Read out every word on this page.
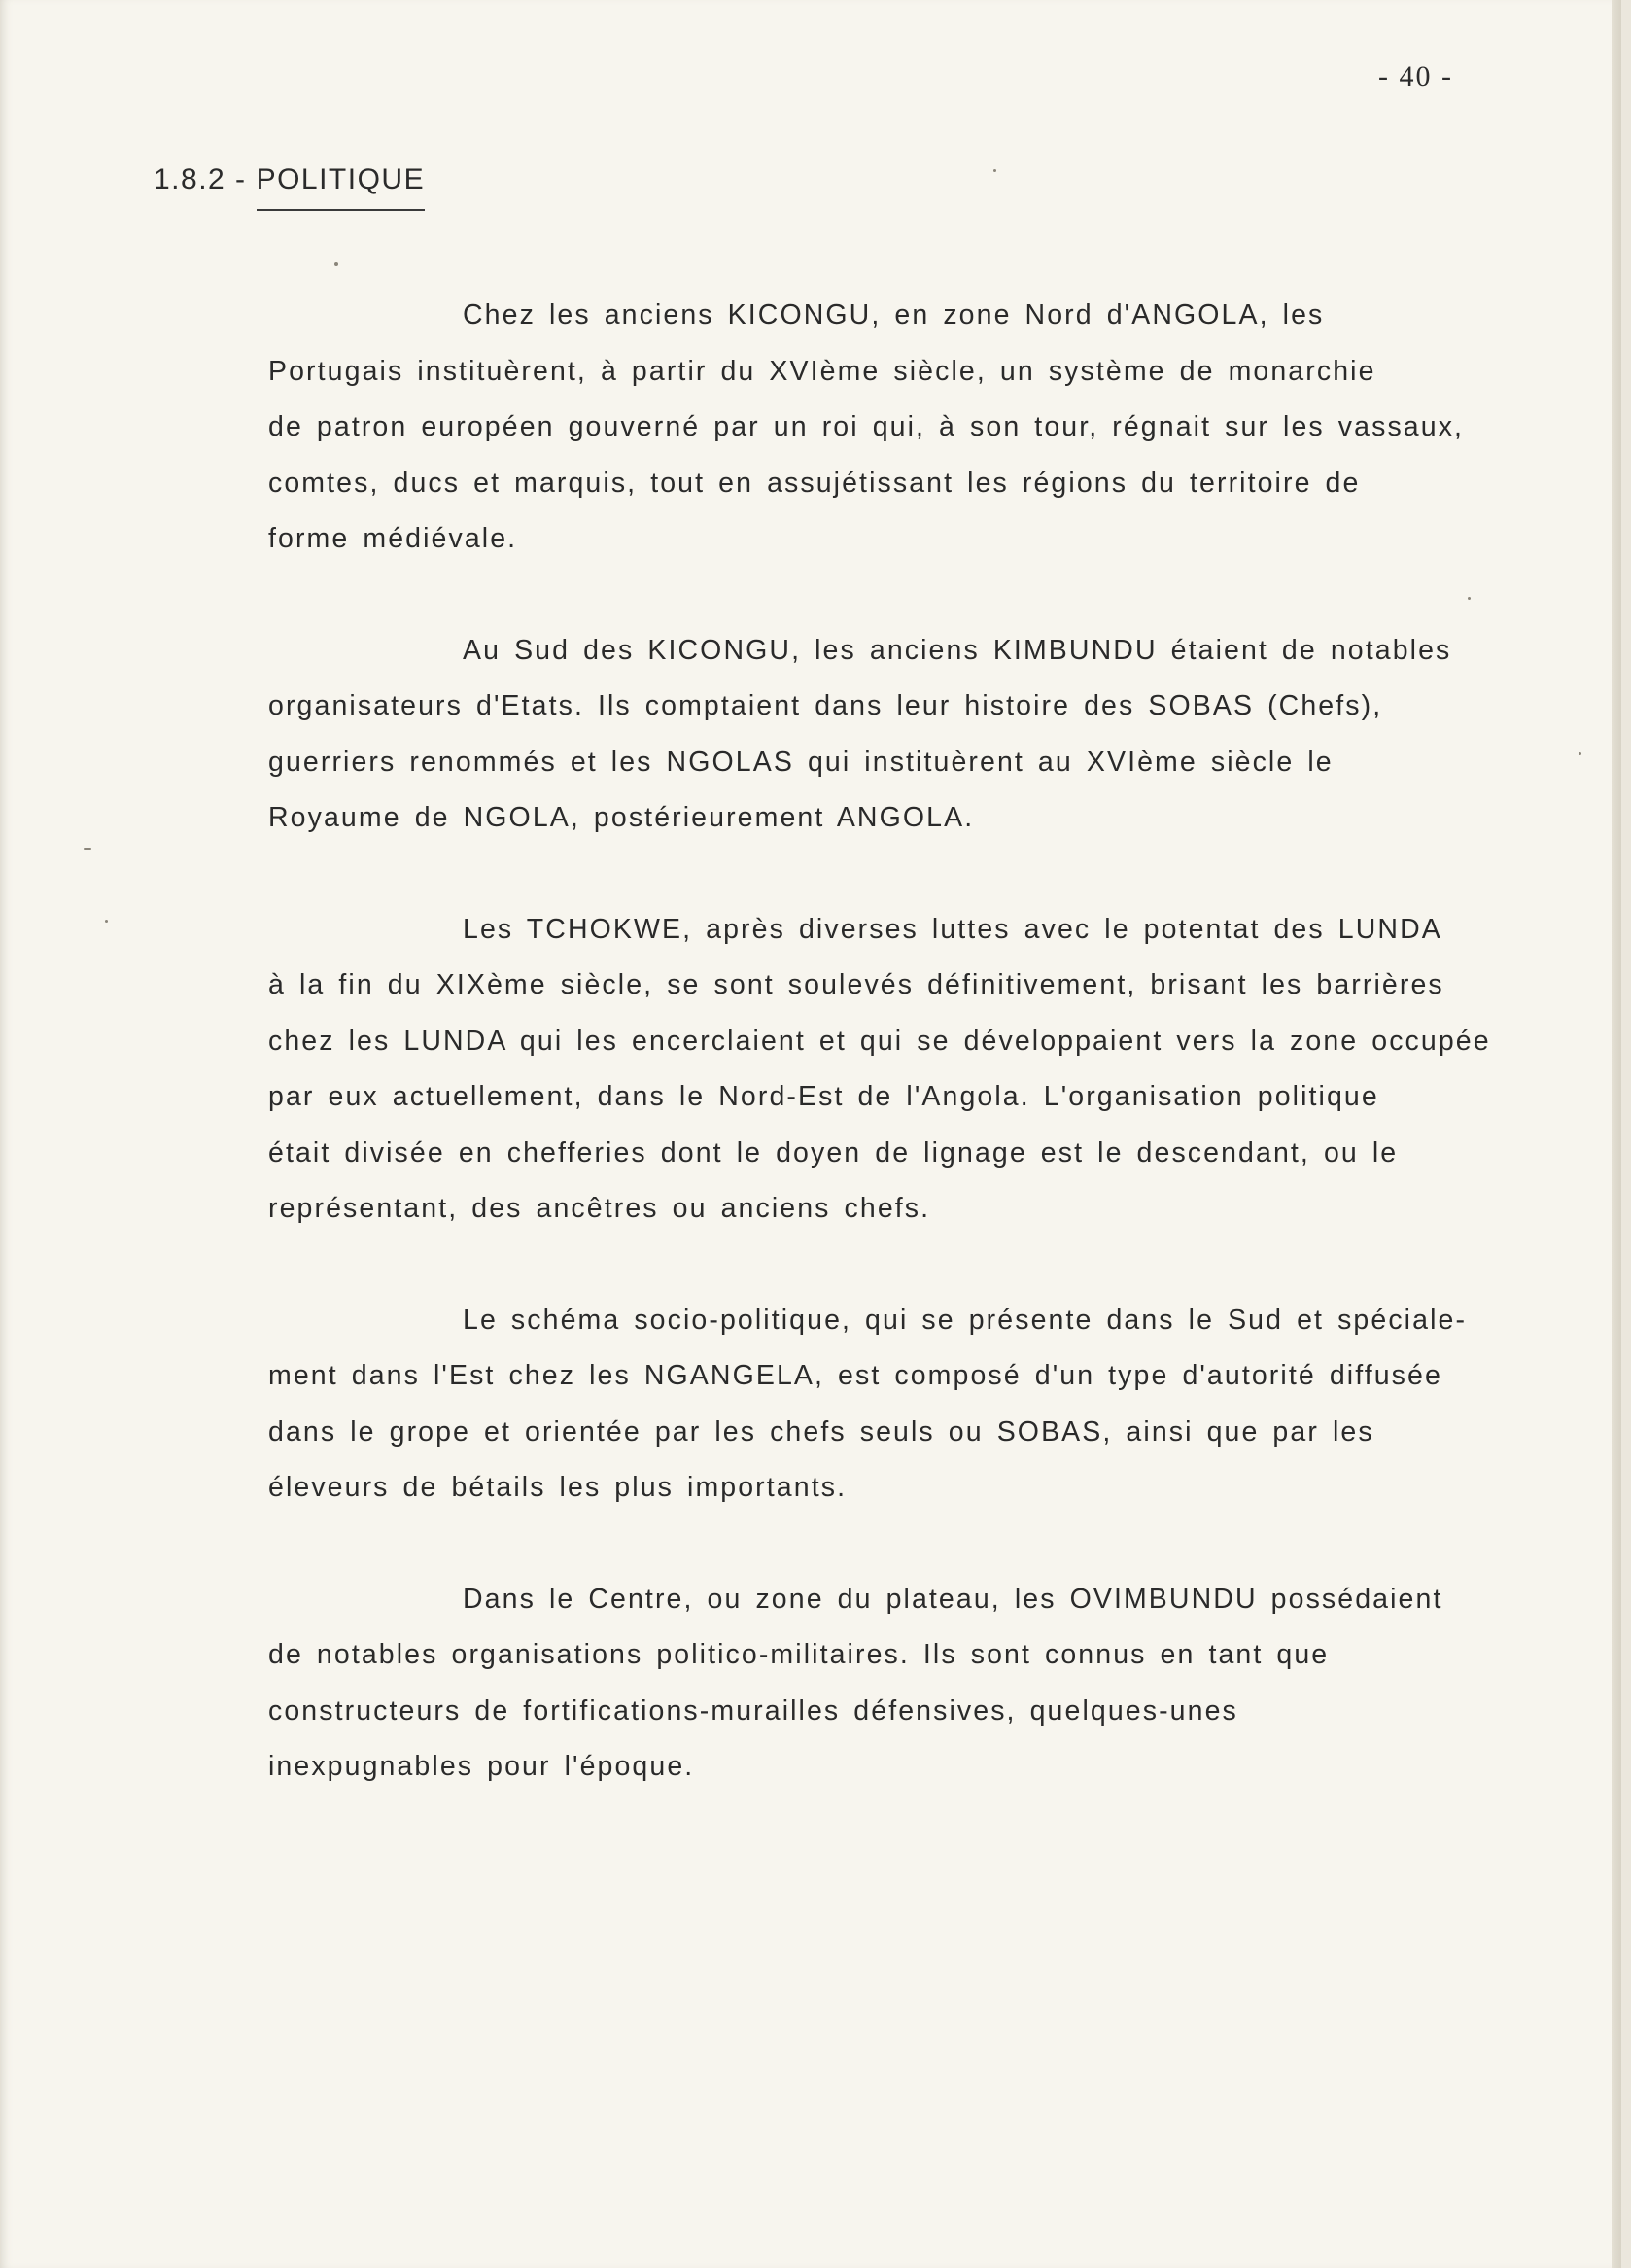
- 40 -
1.8.2 - POLITIQUE
Chez les anciens KICONGU, en zone Nord d'ANGOLA, les
Portugais instituèrent, à partir du XVIème siècle, un système de monarchie
de patron européen gouverné par un roi qui, à son tour, régnait sur les vassaux,
comtes, ducs et marquis, tout en assujétissant les régions du territoire de
forme médiévale.
Au Sud des KICONGU, les anciens KIMBUNDU étaient de notables
organisateurs d'Etats. Ils comptaient dans leur histoire des SOBAS (Chefs),
guerriers renommés et les NGOLAS qui instituèrent au XVIème siècle le
Royaume de NGOLA, postérieurement ANGOLA.
Les TCHOKWE, après diverses luttes avec le potentat des LUNDA
à la fin du XIXème siècle, se sont soulevés définitivement, brisant les barrières
chez les LUNDA qui les encerclaient et qui se développaient vers la zone occupée
par eux actuellement, dans le Nord-Est de l'Angola. L'organisation politique
était divisée en chefferies dont le doyen de lignage est le descendant, ou le
représentant, des ancêtres ou anciens chefs.
Le schéma socio-politique, qui se présente dans le Sud et spéciale-
ment dans l'Est chez les NGANGELA, est composé d'un type d'autorité diffusée
dans le grope et orientée par les chefs seuls ou SOBAS, ainsi que par les
éleveurs de bétails les plus importants.
Dans le Centre, ou zone du plateau, les OVIMBUNDU possédaient
de notables organisations politico-militaires. Ils sont connus en tant que
constructeurs de fortifications-murailles défensives, quelques-unes
inexpugnables pour l'époque.
